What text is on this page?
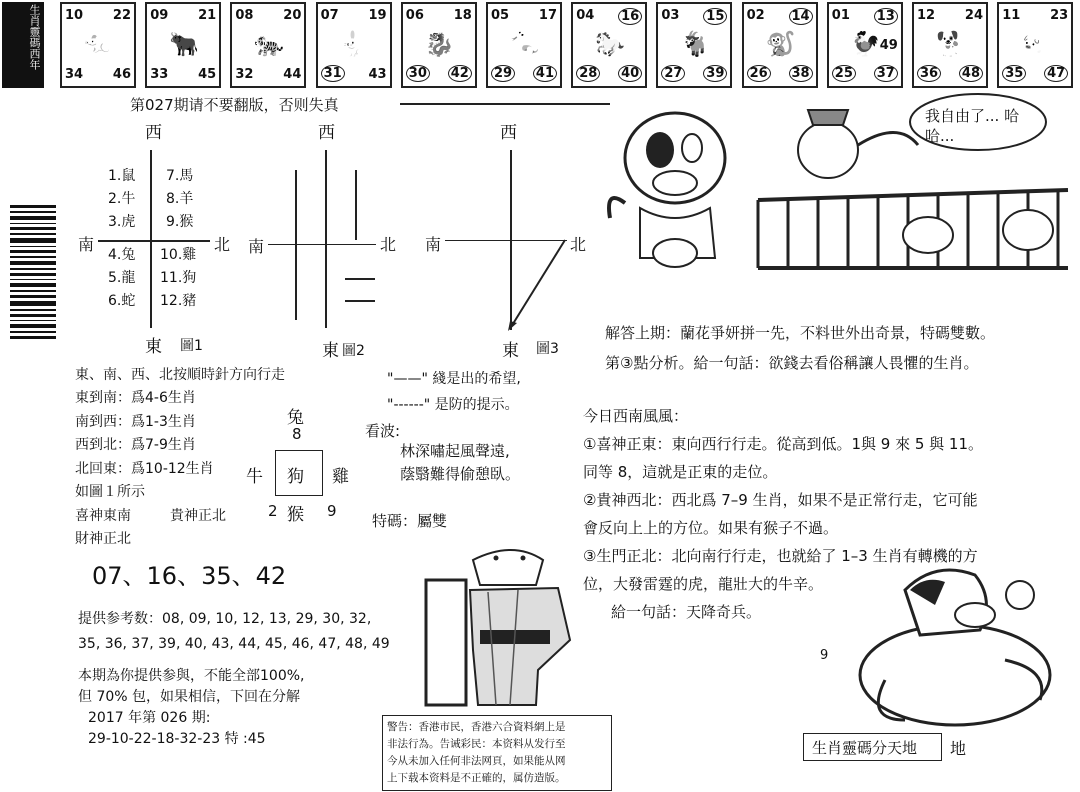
生肖靈碼西年 10 22
34 46
🐀
09 21
33 45
🐂
08 20
32 44
🐅
07 19
31 43
🐇
06 18
30 42
🐉
05 17
29 41
🐍
04 16
28 40
🐎
03 15
27 39
🐐
02 14
26 38
🐒
01 13
25 37
49
🐓
12 24
36 48
🐕
11 23
35 47
🐖
第027期请不要翻版，否则失真
西
南	北
東 圖1
1.鼠
2.牛
3.虎
4.兔
5.龍
6.蛇
7.馬
8.羊
9.猴
10.雞
11.狗
12.豬
西
南	北
東 圖2
西
南	北
東 圖3
東、南、西、北按順時針方向行走
東到南：爲4-6生肖
南到西：爲1-3生肖
西到北：爲7-9生肖
北回東：爲10-12生肖
如圖１所示
喜神東南	貴神正北
財神正北
兔
8
牛 狗 雞
2 猴 9
"——" 綫是出的希望,
"------" 是防的提示。
看波:
林深嘯起風聲遠,
蔭翳難得偷憩臥。
特碼：屬雙
07、16、35、42
提供参考数：08, 09, 10, 12, 13, 29, 30, 32,
35, 36, 37, 39, 40, 43, 44, 45, 46, 47, 48, 49
本期為你提供参與，不能全部100%,
但 70% 包，如果相信，下回在分解
2017 年第 026 期:
29-10-22-18-32-23 特 :45
警告：香港市民，香港六合資料網上是
非法行為。告诫彩民：本资料从发行至
今从未加入任何非法网頁，如果能从网
上下载本资料是不正確的，属仿造版。
我自由了... 哈哈...
解答上期：蘭花爭妍拼一先，不料世外出奇景，特碼雙數。
第③點分析。給一句話：欲錢去看俗稱讓人畏懼的生肖。
今日西南風風：
①喜神正東：東向西行行走。從高到低。1與 9 來 5 與 11。
同等 8，這就是正東的走位。
②貴神西北：西北爲 7–9 生肖，如果不是正常行走，它可能
會反向上上的方位。如果有猴子不過。
③生門正北：北向南行行走，也就給了 1–3 生肖有轉機的方
位，大發雷霆的虎，龍壯大的牛辛。
給一句話：天降奇兵。
9
生肖靈碼分天地 地
